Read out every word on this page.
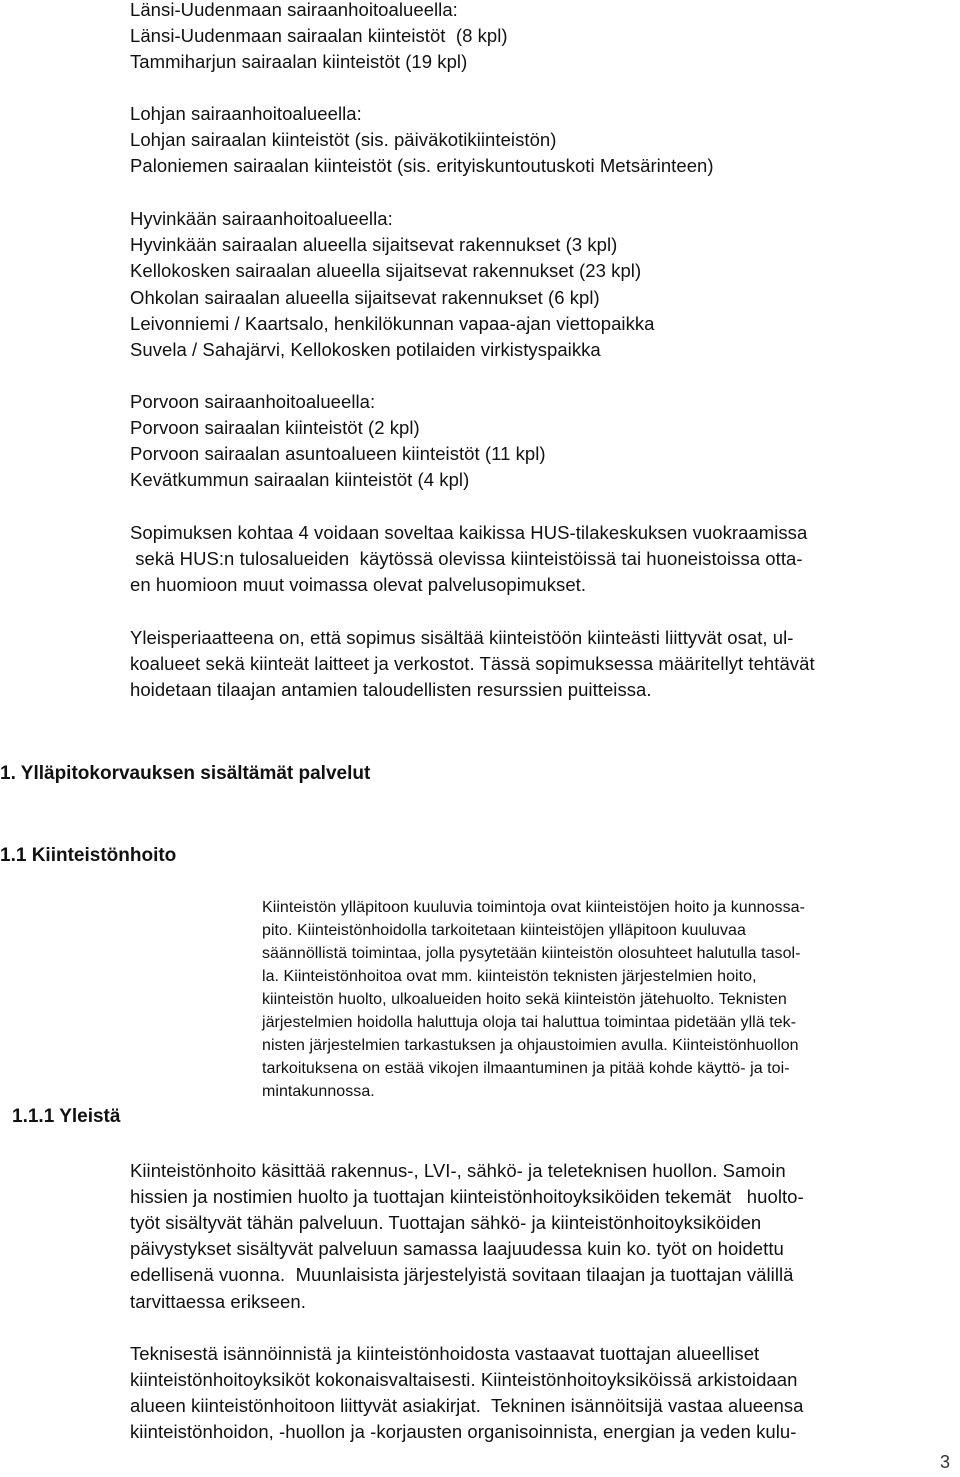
Länsi-Uudenmaan sairaanhoitoalueella:
Länsi-Uudenmaan sairaalan kiinteistöt  (8 kpl)
Tammiharjun sairaalan kiinteistöt (19 kpl)
Lohjan sairaanhoitoalueella:
Lohjan sairaalan kiinteistöt (sis. päiväkotikiinteistön)
Paloniemen sairaalan kiinteistöt (sis. erityiskuntoutuskoti Metsärinteen)
Hyvinkään sairaanhoitoalueella:
Hyvinkään sairaalan alueella sijaitsevat rakennukset (3 kpl)
Kellokosken sairaalan alueella sijaitsevat rakennukset (23 kpl)
Ohkolan sairaalan alueella sijaitsevat rakennukset (6 kpl)
Leivonniemi / Kaartsalo, henkilökunnan vapaa-ajan viettopaikka
Suvela / Sahajärvi, Kellokosken potilaiden virkistyspaikka
Porvoon sairaanhoitoalueella:
Porvoon sairaalan kiinteistöt (2 kpl)
Porvoon sairaalan asuntoalueen kiinteistöt (11 kpl)
Kevätkummun sairaalan kiinteistöt (4 kpl)
Sopimuksen kohtaa 4 voidaan soveltaa kaikissa HUS-tilakeskuksen vuokraamissa
sekä HUS:n tulosalueiden  käytössä olevissa kiinteistöissä tai huoneistoissa otta-
en huomioon muut voimassa olevat palvelusopimukset.
Yleisperiaatteena on, että sopimus sisältää kiinteistöön kiinteästi liittyvät osat, ul-
koalueet sekä kiinteät laitteet ja verkostot. Tässä sopimuksessa määritellyt tehtävät
hoidetaan tilaajan antamien taloudellisten resurssien puitteissa.
1. Ylläpitokorvauksen sisältämät palvelut
1.1 Kiinteistönhoito
1.1.1 Yleistä
Kiinteistön ylläpitoon kuuluvia toimintoja ovat kiinteistöjen hoito ja kunnossa-
pito. Kiinteistönhoidolla tarkoitetaan kiinteistöjen ylläpitoon kuuluvaa
säännöllistä toimintaa, jolla pysytetään kiinteistön olosuhteet halutulla tasol-
la. Kiinteistönhoitoa ovat mm. kiinteistön teknisten järjestelmien hoito,
kiinteistön huolto, ulkoalueiden hoito sekä kiinteistön jätehuolto. Teknisten
järjestelmien hoidolla haluttuja oloja tai haluttua toimintaa pidetään yllä tek-
nisten järjestelmien tarkastuksen ja ohjaustoimien avulla. Kiinteistönhuollon
tarkoituksena on estää vikojen ilmaantuminen ja pitää kohde käyttö- ja toi-
mintakunnossa.
Kiinteistönhoito käsittää rakennus-, LVI-, sähkö- ja teleteknisen huollon. Samoin
hissien ja nostimien huolto ja tuottajan kiinteistönhoitoyksiköiden tekemät   huolto-
työt sisältyvät tähän palveluun. Tuottajan sähkö- ja kiinteistönhoitoyksiköiden
päivystykset sisältyvät palveluun samassa laajuudessa kuin ko. työt on hoidettu
edellisenä vuonna.  Muunlaisista järjestelyistä sovitaan tilaajan ja tuottajan välillä
tarvittaessa erikseen.
Teknisestä isännöinnistä ja kiinteistönhoidosta vastaavat tuottajan alueelliset
kiinteistönhoitoyksiköt kokonaisvaltaisesti. Kiinteistönhoitoyksiköissä arkistoidaan
alueen kiinteistönhoitoon liittyvät asiakirjat.  Tekninen isännöitsijä vastaa alueensa
kiinteistönhoidon, -huollon ja -korjausten organisoinnista, energian ja veden kulu-
3
